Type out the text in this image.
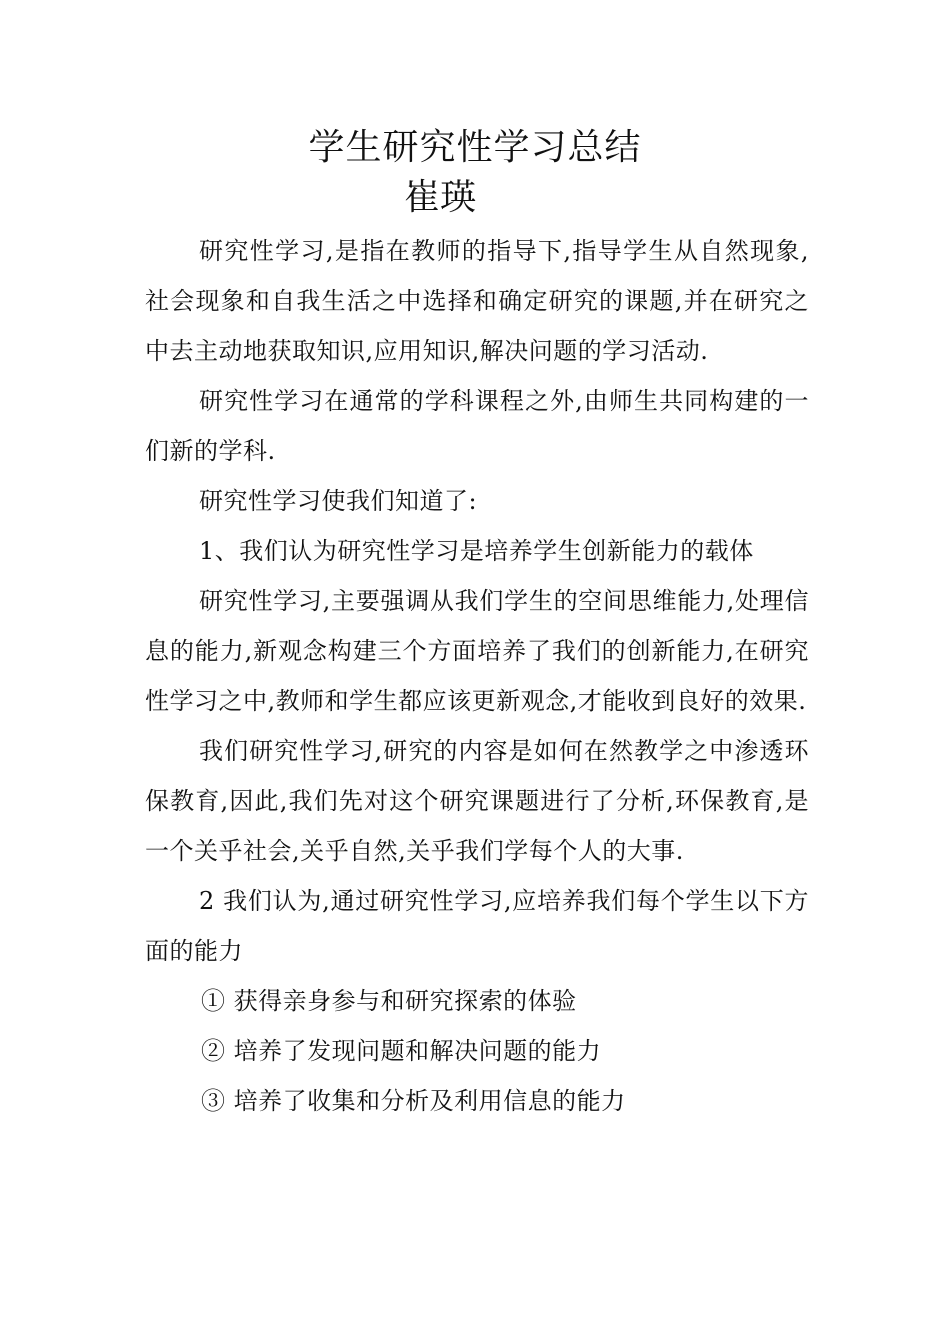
学生研究性学习总结
崔瑛

研究性学习,是指在教师的指导下,指导学生从自然现象,社会现象和自我生活之中选择和确定研究的课题,并在研究之中去主动地获取知识,应用知识,解决问题的学习活动.

研究性学习在通常的学科课程之外,由师生共同构建的一们新的学科.

研究性学习使我们知道了:

1、我们认为研究性学习是培养学生创新能力的载体

研究性学习,主要强调从我们学生的空间思维能力,处理信息的能力,新观念构建三个方面培养了我们的创新能力,在研究性学习之中,教师和学生都应该更新观念,才能收到良好的效果.

我们研究性学习,研究的内容是如何在然教学之中渗透环保教育,因此,我们先对这个研究课题进行了分析,环保教育,是一个关乎社会,关乎自然,关乎我们学每个人的大事.

2 我们认为,通过研究性学习,应培养我们每个学生以下方面的能力

① 获得亲身参与和研究探索的体验

② 培养了发现问题和解决问题的能力

③ 培养了收集和分析及利用信息的能力
